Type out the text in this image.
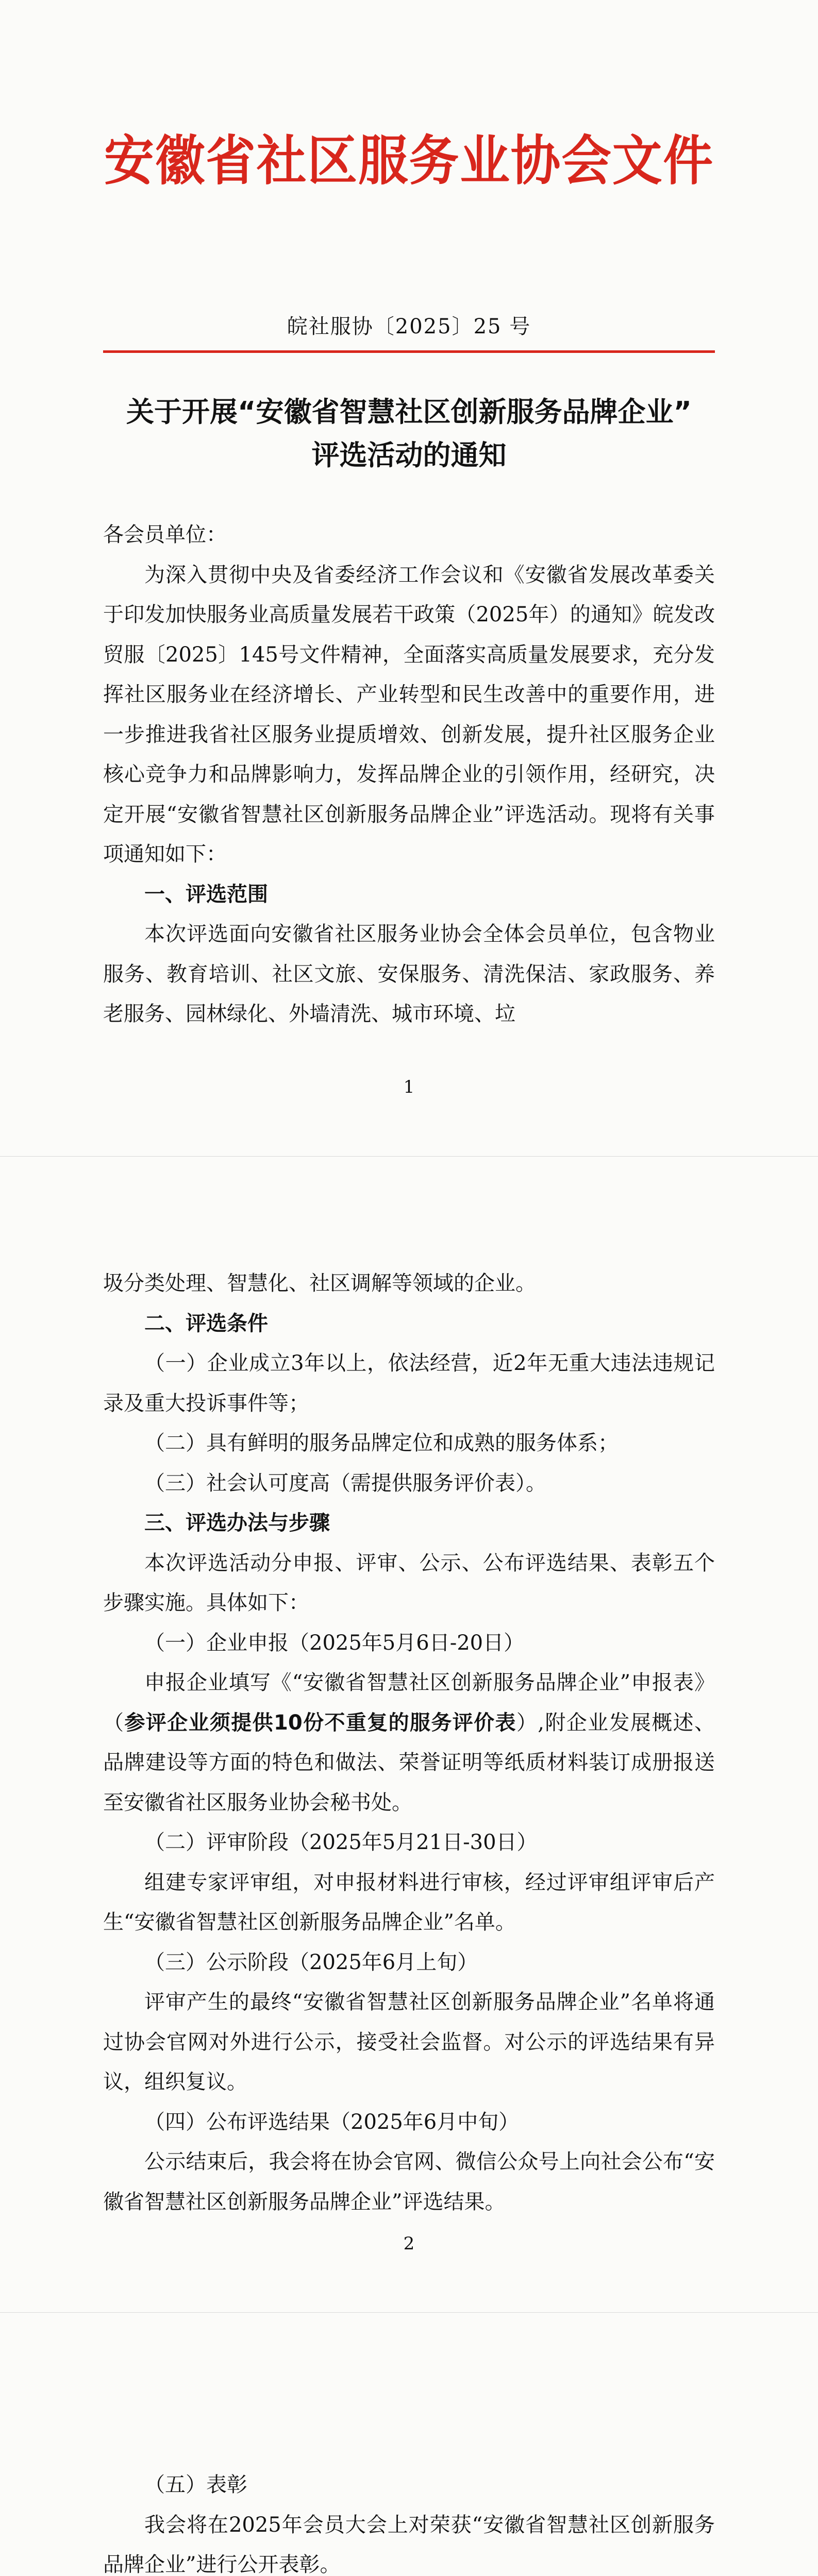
安徽省社区服务业协会文件
皖社服协〔2025〕25 号
关于开展“安徽省智慧社区创新服务品牌企业”
评选活动的通知

各会员单位：

为深入贯彻中央及省委经济工作会议和《安徽省发展改革委关于印发加快服务业高质量发展若干政策（2025年）的通知》皖发改贸服〔2025〕145号文件精神，全面落实高质量发展要求，充分发挥社区服务业在经济增长、产业转型和民生改善中的重要作用，进一步推进我省社区服务业提质增效、创新发展，提升社区服务企业核心竞争力和品牌影响力，发挥品牌企业的引领作用，经研究，决定开展“安徽省智慧社区创新服务品牌企业”评选活动。现将有关事项通知如下：

一、评选范围

本次评选面向安徽省社区服务业协会全体会员单位，包含物业服务、教育培训、社区文旅、安保服务、清洗保洁、家政服务、养老服务、园林绿化、外墙清洗、城市环境、垃

1

圾分类处理、智慧化、社区调解等领域的企业。

二、评选条件

（一）企业成立3年以上，依法经营，近2年无重大违法违规记录及重大投诉事件等；

（二）具有鲜明的服务品牌定位和成熟的服务体系；

（三）社会认可度高（需提供服务评价表）。

三、评选办法与步骤

本次评选活动分申报、评审、公示、公布评选结果、表彰五个步骤实施。具体如下：

（一）企业申报（2025年5月6日-20日）

申报企业填写《“安徽省智慧社区创新服务品牌企业”申报表》（参评企业须提供10份不重复的服务评价表）,附企业发展概述、品牌建设等方面的特色和做法、荣誉证明等纸质材料装订成册报送至安徽省社区服务业协会秘书处。

（二）评审阶段（2025年5月21日-30日）

组建专家评审组，对申报材料进行审核，经过评审组评审后产生“安徽省智慧社区创新服务品牌企业”名单。

（三）公示阶段（2025年6月上旬）

评审产生的最终“安徽省智慧社区创新服务品牌企业”名单将通过协会官网对外进行公示，接受社会监督。对公示的评选结果有异议，组织复议。

（四）公布评选结果（2025年6月中旬）

公示结束后，我会将在协会官网、微信公众号上向社会公布“安徽省智慧社区创新服务品牌企业”评选结果。

2

（五）表彰

我会将在2025年会员大会上对荣获“安徽省智慧社区创新服务品牌企业”进行公开表彰。
